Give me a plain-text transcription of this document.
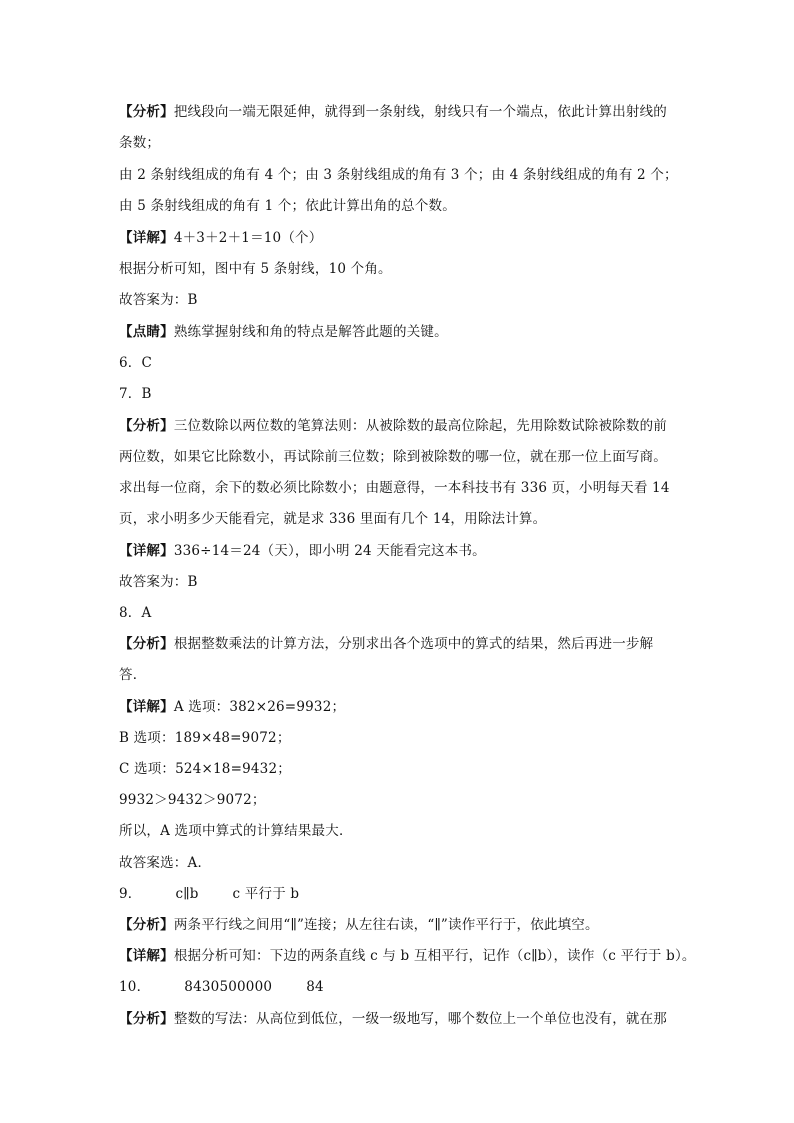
【分析】把线段向一端无限延伸，就得到一条射线，射线只有一个端点，依此计算出射线的
条数；
由 2 条射线组成的角有 4 个；由 3 条射线组成的角有 3 个；由 4 条射线组成的角有 2 个；
由 5 条射线组成的角有 1 个；依此计算出角的总个数。
【详解】4＋3＋2＋1＝10（个）
根据分析可知，图中有 5 条射线，10 个角。
故答案为：B
【点睛】熟练掌握射线和角的特点是解答此题的关键。
6．C
7．B
【分析】三位数除以两位数的笔算法则：从被除数的最高位除起，先用除数试除被除数的前
两位数，如果它比除数小，再试除前三位数；除到被除数的哪一位，就在那一位上面写商。
求出每一位商，余下的数必须比除数小；由题意得，一本科技书有 336 页，小明每天看 14
页，求小明多少天能看完，就是求 336 里面有几个 14，用除法计算。
【详解】336÷14＝24（天），即小明 24 天能看完这本书。
故答案为：B
8．A
【分析】根据整数乘法的计算方法，分别求出各个选项中的算式的结果，然后再进一步解
答．
【详解】A 选项：382×26=9932；
B 选项：189×48=9072；
C 选项：524×18=9432；
9932＞9432＞9072；
所以，A 选项中算式的计算结果最大．
故答案选：A．
9．	c∥b	c 平行于 b
【分析】两条平行线之间用“∥”连接；从左往右读，“∥”读作平行于，依此填空。
【详解】根据分析可知：下边的两条直线 c 与 b 互相平行，记作（c∥b），读作（c 平行于 b）。
10．	8430500000	84
【分析】整数的写法：从高位到低位，一级一级地写，哪个数位上一个单位也没有，就在那
